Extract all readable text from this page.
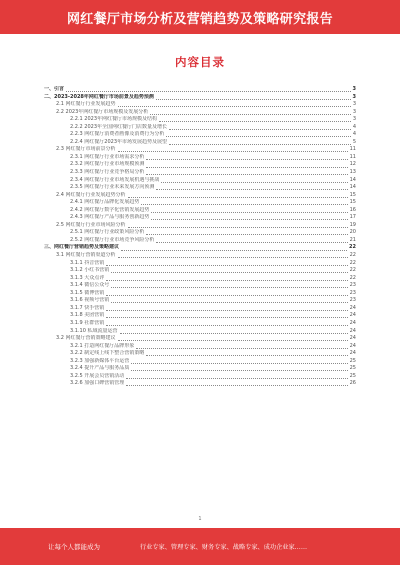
网红餐厅市场分析及营销趋势及策略研究报告
内容目录
一、引言	3
二、2023-2028年网红餐厅市场前景及趋势预测	3
2.1 网红餐厅行业发展趋势	3
2.2 2023年网红餐厅市场规模及发展分析	3
2.2.1 2023年网红餐厅市场规模及结构	3
2.2.2 2023年全国网红餐厅门店数量及增长	4
2.2.3 网红餐厅消费者画像及消费行为分析	4
2.2.4 网红餐厅2023年市场发展趋势及展望	5
2.3 网红餐厅市场前景分析	11
2.3.1 网红餐厅行业市场需求分析	11
2.3.2 网红餐厅行业市场规模预测	12
2.3.3 网红餐厅行业竞争格局分析	13
2.3.4 网红餐厅行业市场发展机遇与挑战	14
2.3.5 网红餐厅行业未来发展方向预测	14
2.4 网红餐厅行业发展趋势分析	15
2.4.1 网红餐厅品牌化发展趋势	15
2.4.2 网红餐厅数字化营销发展趋势	16
2.4.3 网红餐厅产品与服务创新趋势	17
2.5 网红餐厅行业市场风险分析	19
2.5.1 网红餐厅行业政策风险分析	20
2.5.2 网红餐厅行业市场竞争风险分析	21
三、网红餐厅营销趋势及策略建议	22
3.1 网红餐厅营销渠道分析	22
3.1.1 抖音营销	22
3.1.2 小红书营销	22
3.1.3 大众点评	22
3.1.4 微信公众号	23
3.1.5 微博营销	23
3.1.6 视频号营销	23
3.1.7 快手营销	24
3.1.8 美团营销	24
3.1.9 社群营销	24
3.1.10 私域流量运营	24
3.2 网红餐厅营销策略建议	24
3.2.1 打造网红餐厅品牌形象	24
3.2.2 制定线上线下整合营销策略	24
3.2.3 加强新媒体平台运营	25
3.2.4 提升产品与服务品质	25
3.2.5 开展会员营销活动	25
3.2.6 加强口碑营销管理	26
1
让每个人都能成为	行业专家、管理专家、财务专家、战略专家、成功企业家……
